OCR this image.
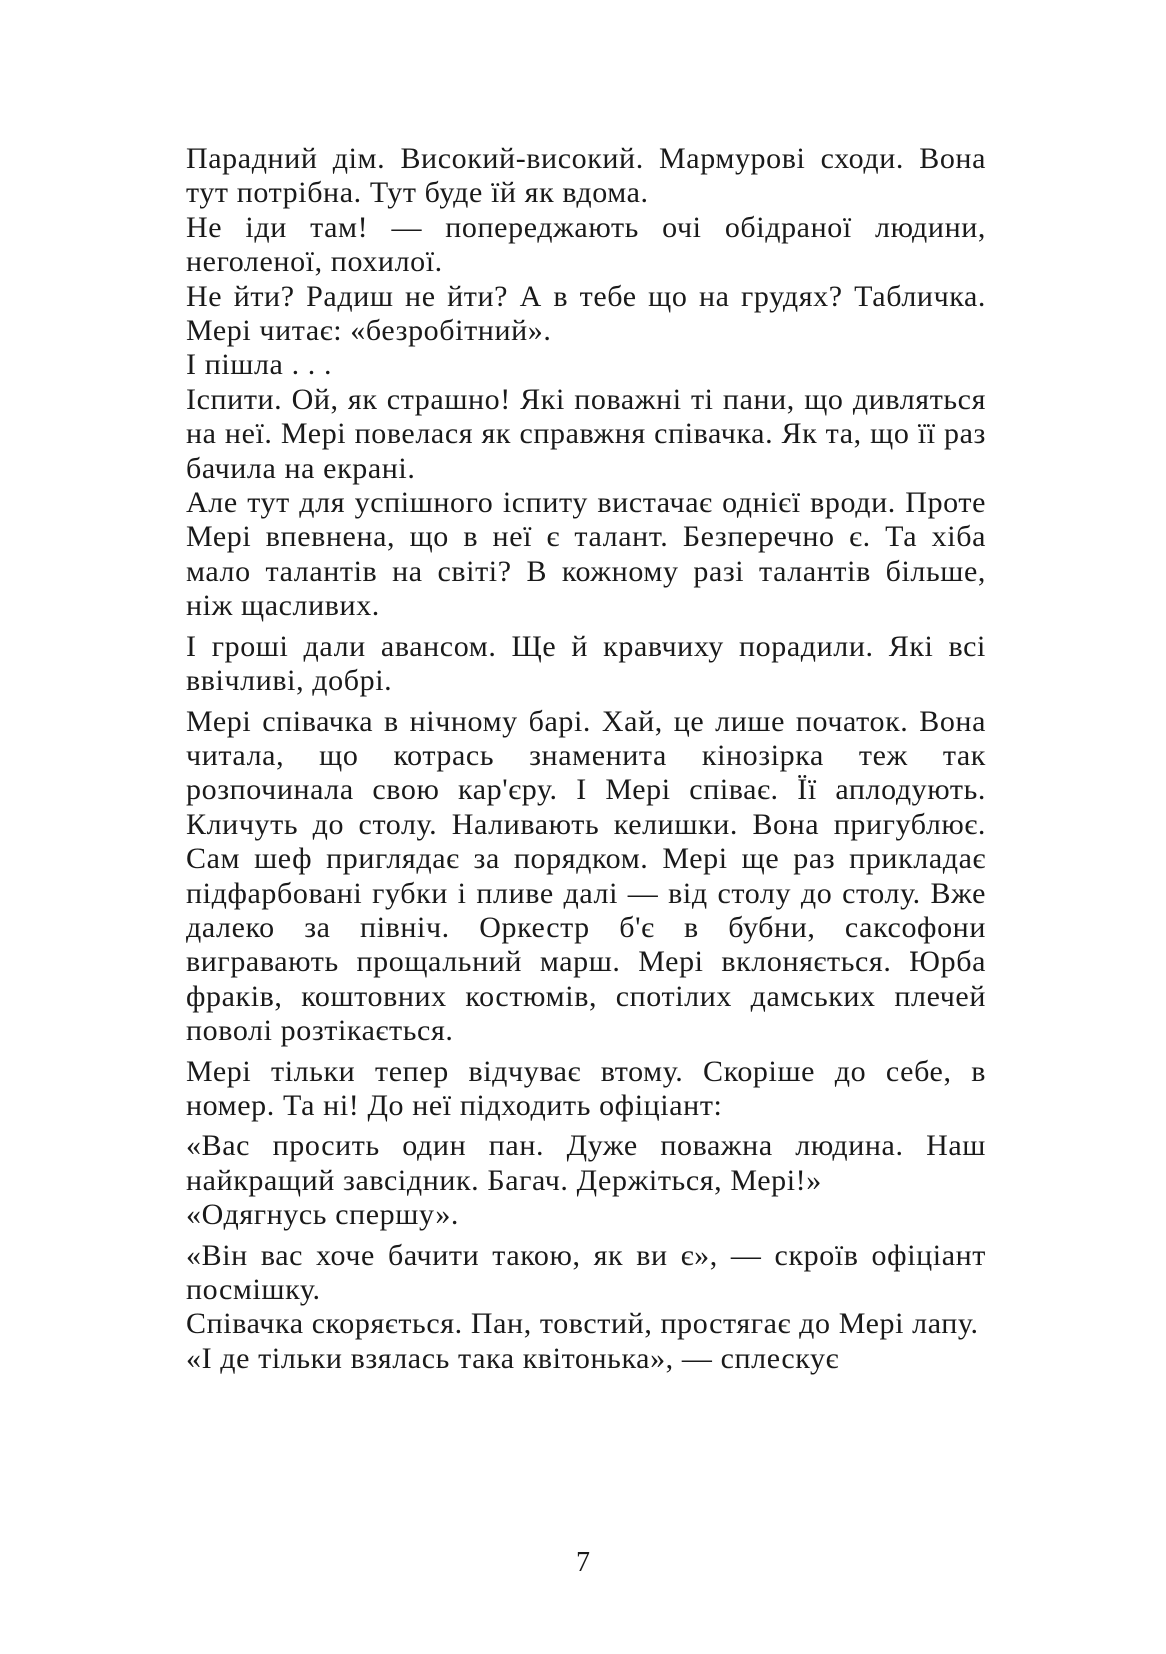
Парадний дім. Високий-високий. Мармурові сходи. Вона тут потрібна. Тут буде їй як вдома.

Не іди там! — попереджають очі обідраної людини, неголеної, похилої.

Не йти? Радиш не йти? А в тебе що на грудях? Табличка. Мері читає: «безробітний».

І пішла . . .

Іспити. Ой, як страшно! Які поважні ті пани, що дивляться на неї. Мері повелася як справжня співачка. Як та, що її раз бачила на екрані.

Але тут для успішного іспиту вистачає однієї вроди. Проте Мері впевнена, що в неї є талант. Безперечно є. Та хіба мало талантів на світі? В кожному разі талантів більше, ніж щасливих.

І гроші дали авансом. Ще й кравчиху порадили. Які всі ввічливі, добрі.

Мері співачка в нічному барі. Хай, це лише початок. Вона читала, що котрась знаменита кінозірка теж так розпочинала свою кар'єру. І Мері співає. Її аплодують. Кличуть до столу. Наливають келишки. Вона пригублює. Сам шеф приглядає за порядком. Мері ще раз прикладає підфарбовані губки і пливе далі — від столу до столу. Вже далеко за північ. Оркестр б'є в бубни, саксофони вигравають прощальний марш. Мері вклоняється. Юрба фраків, коштовних костюмів, спотілих дамських плечей поволі розтікається.

Мері тільки тепер відчуває втому. Скоріше до себе, в номер. Та ні! До неї підходить офіціант:

«Вас просить один пан. Дуже поважна людина. Наш найкращий завсідник. Багач. Держіться, Мері!»

«Одягнусь спершу».

«Він вас хоче бачити такою, як ви є», — скроїв офіціант посмішку.

Співачка скоряється. Пан, товстий, простягає до Мері лапу.

«І де тільки взялась така квітонька», — сплескує

7
